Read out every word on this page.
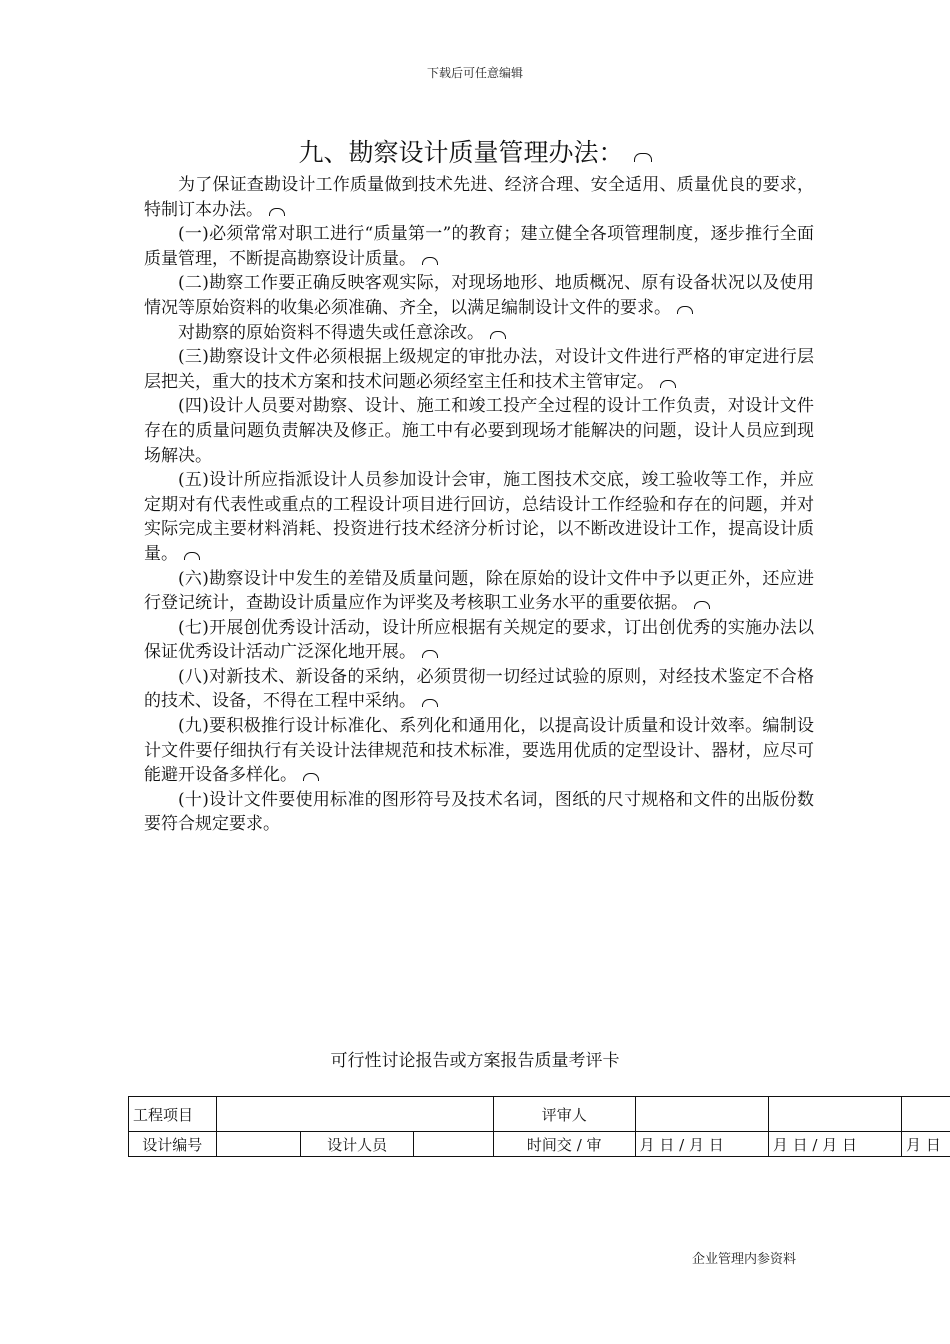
下载后可任意编辑
九、勘察设计质量管理办法：

为了保证查勘设计工作质量做到技术先进、经济合理、安全适用、质量优良的要求，特制订本办法。

(一)必须常常对职工进行“质量第一”的教育；建立健全各项管理制度，逐步推行全面质量管理，不断提高勘察设计质量。

(二)勘察工作要正确反映客观实际，对现场地形、地质概况、原有设备状况以及使用情况等原始资料的收集必须准确、齐全，以满足编制设计文件的要求。

对勘察的原始资料不得遗失或任意涂改。

(三)勘察设计文件必须根据上级规定的审批办法，对设计文件进行严格的审定进行层层把关，重大的技术方案和技术问题必须经室主任和技术主管审定。

(四)设计人员要对勘察、设计、施工和竣工投产全过程的设计工作负责，对设计文件存在的质量问题负责解决及修正。施工中有必要到现场才能解决的问题，设计人员应到现场解决。

(五)设计所应指派设计人员参加设计会审，施工图技术交底，竣工验收等工作，并应定期对有代表性或重点的工程设计项目进行回访，总结设计工作经验和存在的问题，并对实际完成主要材料消耗、投资进行技术经济分析讨论，以不断改进设计工作，提高设计质量。

(六)勘察设计中发生的差错及质量问题，除在原始的设计文件中予以更正外，还应进行登记统计，查勘设计质量应作为评奖及考核职工业务水平的重要依据。

(七)开展创优秀设计活动，设计所应根据有关规定的要求，订出创优秀的实施办法以保证优秀设计活动广泛深化地开展。

(八)对新技术、新设备的采纳，必须贯彻一切经过试验的原则，对经技术鉴定不合格的技术、设备，不得在工程中采纳。

(九)要积极推行设计标准化、系列化和通用化，以提高设计质量和设计效率。编制设计文件要仔细执行有关设计法律规范和技术标准，要选用优质的定型设计、器材，应尽可能避开设备多样化。

(十)设计文件要使用标准的图形符号及技术名词，图纸的尺寸规格和文件的出版份数要符合规定要求。

可行性讨论报告或方案报告质量考评卡
工程项目				评审人			
设计编号		设计人员		时间交 / 审	月 日 / 月 日	月 日 / 月 日	月 日
企业管理内参资料
